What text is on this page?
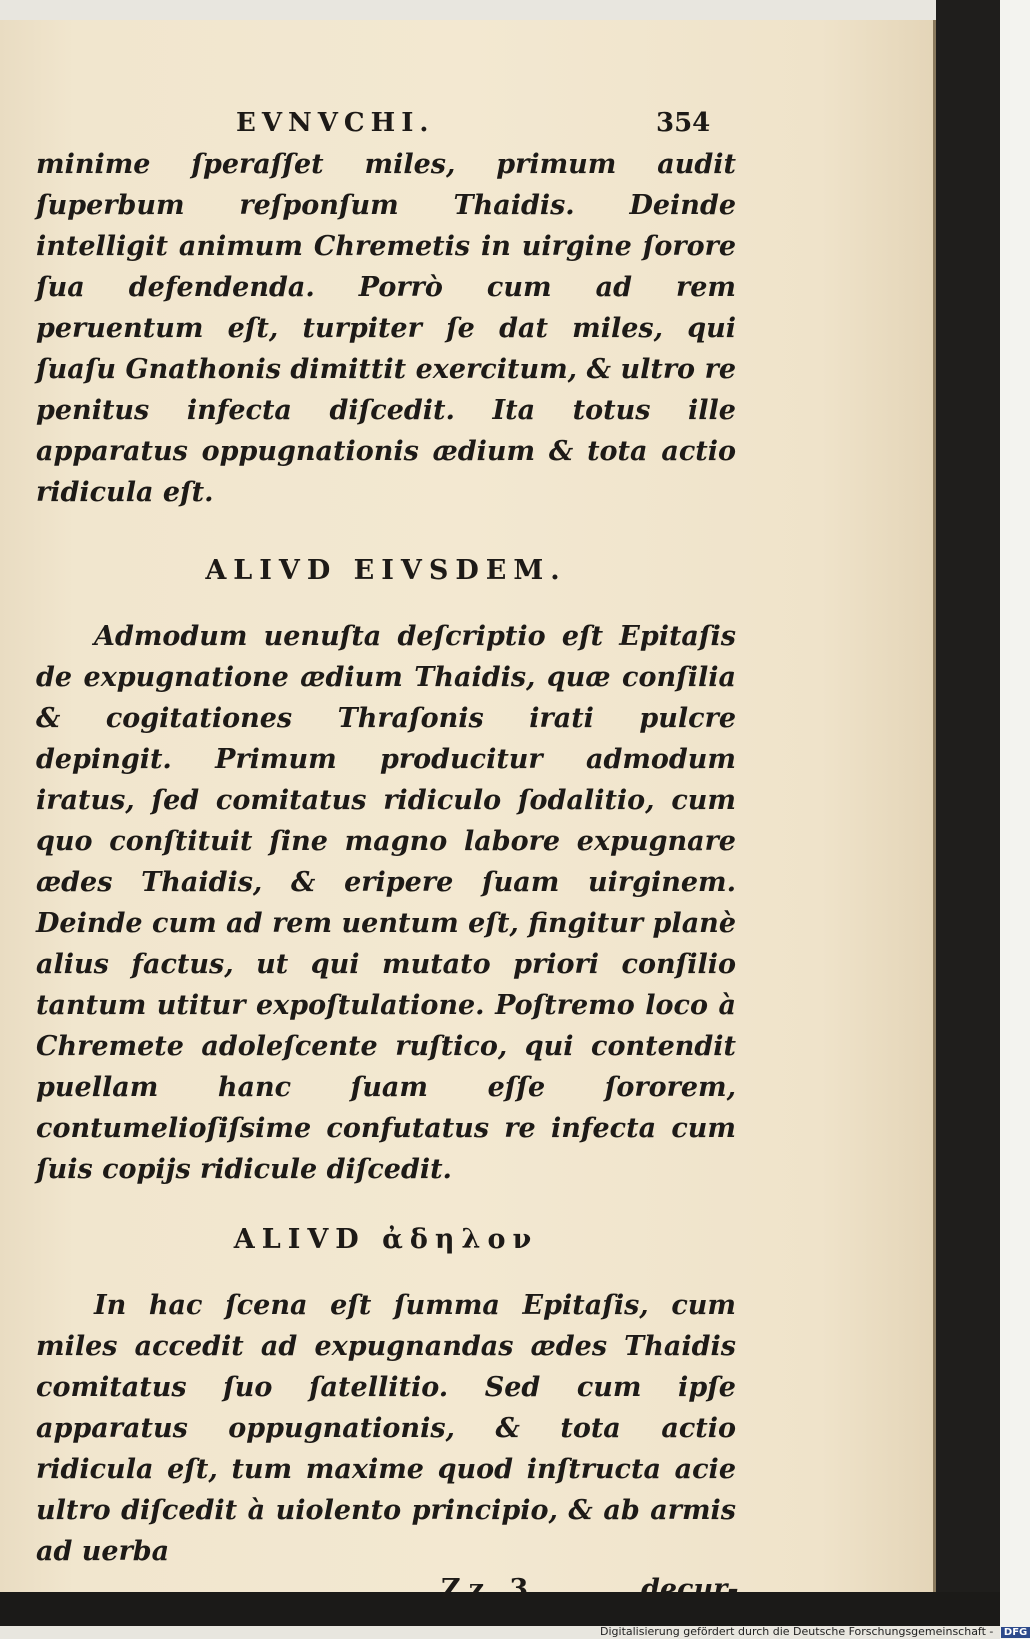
EVNVCHI.	354

minime ſperaſſet miles, primum audit ſuperbum reſponſum Thaidis. Deinde intelligit animum Chremetis in uirgine ſorore ſua defendenda. Porrò cum ad rem peruentum eſt, turpiter ſe dat miles, qui ſuaſu Gnathonis dimittit exercitum, & ultro re penitus infecta diſcedit. Ita totus ille apparatus oppugnationis ædium & tota actio ridicula eſt.

ALIVD EIVSDEM.

Admodum uenuſta deſcriptio eſt Epitaſis de expugnatione ædium Thaidis, quæ conſilia & cogitationes Thraſonis irati pulcre depingit. Primum producitur admodum iratus, ſed comitatus ridiculo ſodalitio, cum quo conſtituit ſine magno labore expugnare ædes Thaidis, & eripere ſuam uirginem. Deinde cum ad rem uentum eſt, fingitur planè alius factus, ut qui mutato priori conſilio tantum utitur expoſtulatione. Poſtremo loco à Chremete adoleſcente ruſtico, qui contendit puellam hanc ſuam eſſe ſororem, contumelioſiſsime confutatus re infecta cum ſuis copijs ridicule diſcedit.

ALIVD ἀδηλον

In hac ſcena eſt ſumma Epitaſis, cum miles accedit ad expugnandas ædes Thaidis comitatus ſuo ſatellitio. Sed cum ipſe apparatus oppugnationis, & tota actio ridicula eſt, tum maxime quod inſtructa acie ultro diſcedit à uiolento principio, & ab armis ad uerba

Zz 3	decur-
Digitalisierung gefördert durch die Deutsche Forschungsgemeinschaft - DFG
